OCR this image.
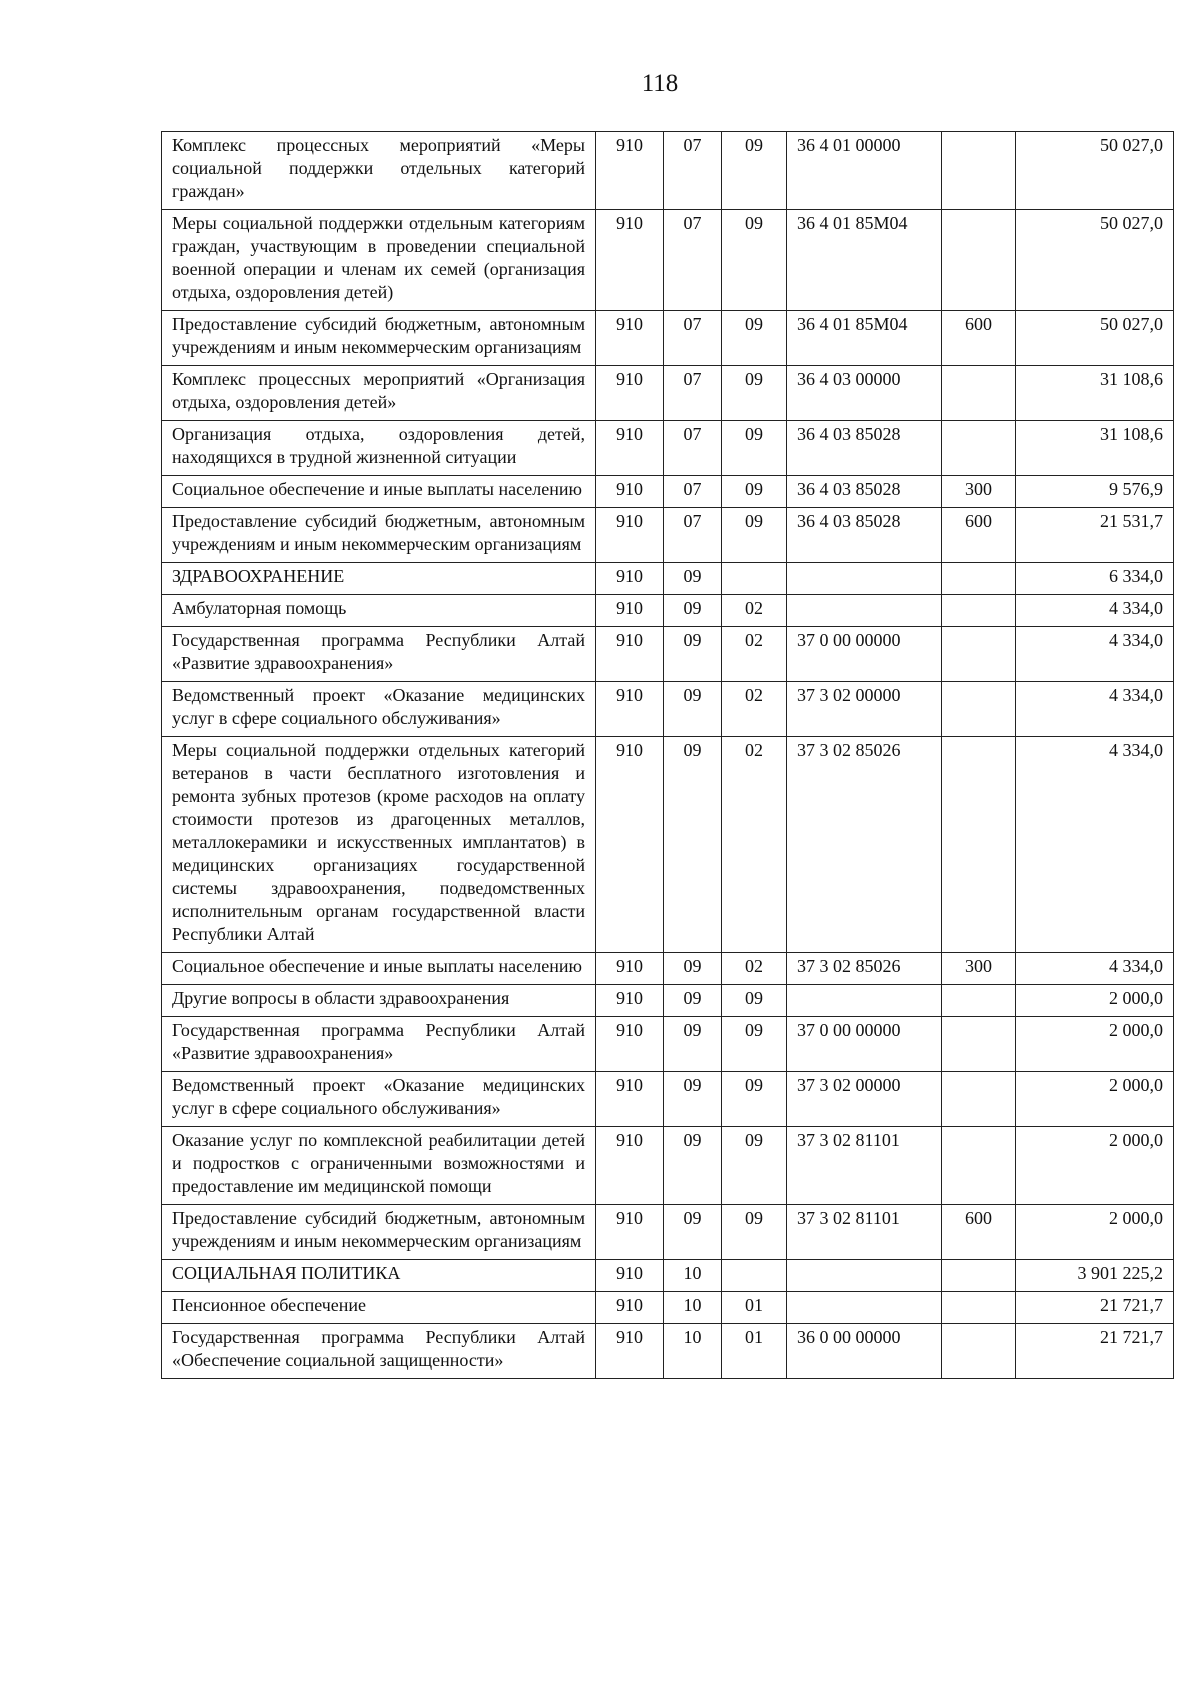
118
Комплекс процессных мероприятий «Меры социальной поддержки отдельных категорий граждан»	910	07	09	36 4 01 00000		50 027,0
Меры социальной поддержки отдельным категориям граждан, участвующим в проведении специальной военной операции и членам их семей (организация отдыха, оздоровления детей)	910	07	09	36 4 01 85M04		50 027,0
Предоставление субсидий бюджетным, автономным учреждениям и иным некоммерческим организациям	910	07	09	36 4 01 85M04	600	50 027,0
Комплекс процессных мероприятий «Организация отдыха, оздоровления детей»	910	07	09	36 4 03 00000		31 108,6
Организация отдыха, оздоровления детей, находящихся в трудной жизненной ситуации	910	07	09	36 4 03 85028		31 108,6
Социальное обеспечение и иные выплаты населению	910	07	09	36 4 03 85028	300	9 576,9
Предоставление субсидий бюджетным, автономным учреждениям и иным некоммерческим организациям	910	07	09	36 4 03 85028	600	21 531,7
ЗДРАВООХРАНЕНИЕ	910	09				6 334,0
Амбулаторная помощь	910	09	02			4 334,0
Государственная программа Республики Алтай «Развитие здравоохранения»	910	09	02	37 0 00 00000		4 334,0
Ведомственный проект «Оказание медицинских услуг в сфере социального обслуживания»	910	09	02	37 3 02 00000		4 334,0
Меры социальной поддержки отдельных категорий ветеранов в части бесплатного изготовления и ремонта зубных протезов (кроме расходов на оплату стоимости протезов из драгоценных металлов, металлокерамики и искусственных имплантатов) в медицинских организациях государственной системы здравоохранения, подведомственных исполнительным органам государственной власти Республики Алтай	910	09	02	37 3 02 85026		4 334,0
Социальное обеспечение и иные выплаты населению	910	09	02	37 3 02 85026	300	4 334,0
Другие вопросы в области здравоохранения	910	09	09			2 000,0
Государственная программа Республики Алтай «Развитие здравоохранения»	910	09	09	37 0 00 00000		2 000,0
Ведомственный проект «Оказание медицинских услуг в сфере социального обслуживания»	910	09	09	37 3 02 00000		2 000,0
Оказание услуг по комплексной реабилитации детей и подростков с ограниченными возможностями и предоставление им медицинской помощи	910	09	09	37 3 02 81101		2 000,0
Предоставление субсидий бюджетным, автономным учреждениям и иным некоммерческим организациям	910	09	09	37 3 02 81101	600	2 000,0
СОЦИАЛЬНАЯ ПОЛИТИКА	910	10				3 901 225,2
Пенсионное обеспечение	910	10	01			21 721,7
Государственная программа Республики Алтай «Обеспечение социальной защищенности»	910	10	01	36 0 00 00000		21 721,7
